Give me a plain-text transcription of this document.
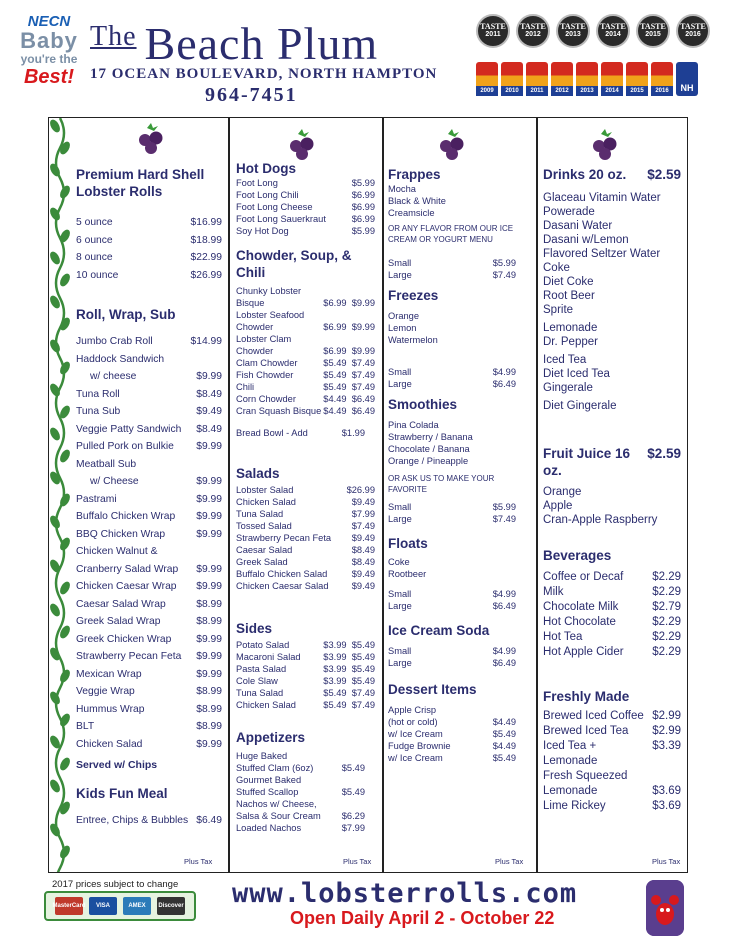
NECN
Baby
you're the
Best!
$^{The}$ Beach Plum
17 OCEAN BOULEVARD, NORTH HAMPTON
964-7451
TASTE
2011
TASTE
2012
TASTE
2013
TASTE
2014
TASTE
2015
TASTE
2016
2009	2010	2011	2012	2013	2014	2015	2016	NH
Premium Hard Shell Lobster Rolls
5 ounce	$16.99
6 ounce	$18.99
8 ounce	$22.99
10 ounce	$26.99
Roll, Wrap, Sub
Jumbo Crab Roll	$14.99
Haddock Sandwich
w/ cheese	$9.99
Tuna Roll	$8.49
Tuna Sub	$9.49
Veggie Patty Sandwich $8.49
Pulled Pork on Bulkie $9.99
Meatball Sub
w/ Cheese	$9.99
Pastrami	$9.99
Buffalo Chicken Wrap $9.99
BBQ Chicken Wrap	$9.99
Chicken Walnut &
Cranberry Salad Wrap $9.99
Chicken Caesar Wrap $9.99
Caesar Salad Wrap	$8.99
Greek Salad Wrap	$8.99
Greek Chicken Wrap $9.99
Strawberry Pecan Feta $9.99
Mexican Wrap	$9.99
Veggie Wrap	$8.99
Hummus Wrap	$8.99
BLT	$8.99
Chicken Salad	$9.99
Served w/ Chips
Kids Fun Meal
Entree, Chips & Bubbles $6.49
Plus Tax
Hot Dogs
Foot Long	$5.99
Foot Long Chili	$6.99
Foot Long Cheese	$6.99
Foot Long Sauerkraut	$6.99
Soy Hot Dog	$5.99
Chowder, Soup, & Chili
Chunky Lobster
Bisque	$6.99  $9.99
Lobster Seafood
Chowder	$6.99  $9.99
Lobster Clam
Chowder	$6.99  $9.99
Clam Chowder	$5.49  $7.49
Fish Chowder	$5.49  $7.49
Chili	$5.49  $7.49
Corn Chowder	$4.49  $6.49
Cran Squash Bisque $4.49  $6.49
Bread Bowl - Add	$1.99
Salads
Lobster Salad	$26.99
Chicken Salad	$9.49
Tuna Salad	$7.99
Tossed Salad	$7.49
Strawberry Pecan Feta $9.49
Caesar Salad	$8.49
Greek Salad	$8.49
Buffalo Chicken Salad	$9.49
Chicken Caesar Salad $9.49
Sides
Potato Salad	$3.99  $5.49
Macaroni Salad $3.99  $5.49
Pasta Salad	$3.99  $5.49
Cole Slaw	$3.99  $5.49
Tuna Salad	$5.49  $7.49
Chicken Salad	$5.49  $7.49
Appetizers
Huge Baked
Stuffed Clam (6oz)	$5.49
Gourmet Baked
Stuffed Scallop	$5.49
Nachos w/ Cheese,
Salsa & Sour Cream $6.29
Loaded Nachos	$7.99
Plus Tax
Frappes
Mocha
Black & White
Creamsicle
OR ANY FLAVOR FROM OUR ICE CREAM OR YOGURT MENU
Small	$5.99
Large	$7.49
Freezes
Orange
Lemon
Watermelon
Small	$4.99
Large	$6.49
Smoothies
Pina Colada
Strawberry / Banana
Chocolate / Banana
Orange / Pineapple
OR ASK US TO MAKE YOUR FAVORITE
Small	$5.99
Large	$7.49
Floats
Coke
Rootbeer
Small	$4.99
Large	$6.49
Ice Cream Soda
Small	$4.99
Large	$6.49
Dessert Items
Apple Crisp
(hot or cold)	$4.49
w/ Ice Cream	$5.49
Fudge Brownie	$4.49
w/ Ice Cream	$5.49
Plus Tax
Drinks 20 oz. $2.59
Glaceau Vitamin Water
Powerade
Dasani Water
Dasani w/Lemon
Flavored Seltzer Water
Coke
Diet Coke
Root Beer
Sprite
Lemonade
Dr. Pepper
Iced Tea
Diet Iced Tea
Gingerale
Diet Gingerale
Fruit Juice 16 oz.
$2.59
Orange
Apple
Cran-Apple Raspberry
Beverages
Coffee or Decaf	$2.29
Milk	$2.29
Chocolate Milk	$2.79
Hot Chocolate	$2.29
Hot Tea	$2.29
Hot Apple Cider $2.29
Freshly Made
Brewed Iced Coffee $2.99
Brewed Iced Tea $2.99
Iced Tea + Lemonade
$3.39
Fresh Squeezed
Lemonade	$3.69
Lime Rickey	$3.69
Plus Tax
2017 prices subject to change
MasterCard	VISA	AMEX	Discover www.lobsterrolls.com
Open Daily April 2 - October 22
